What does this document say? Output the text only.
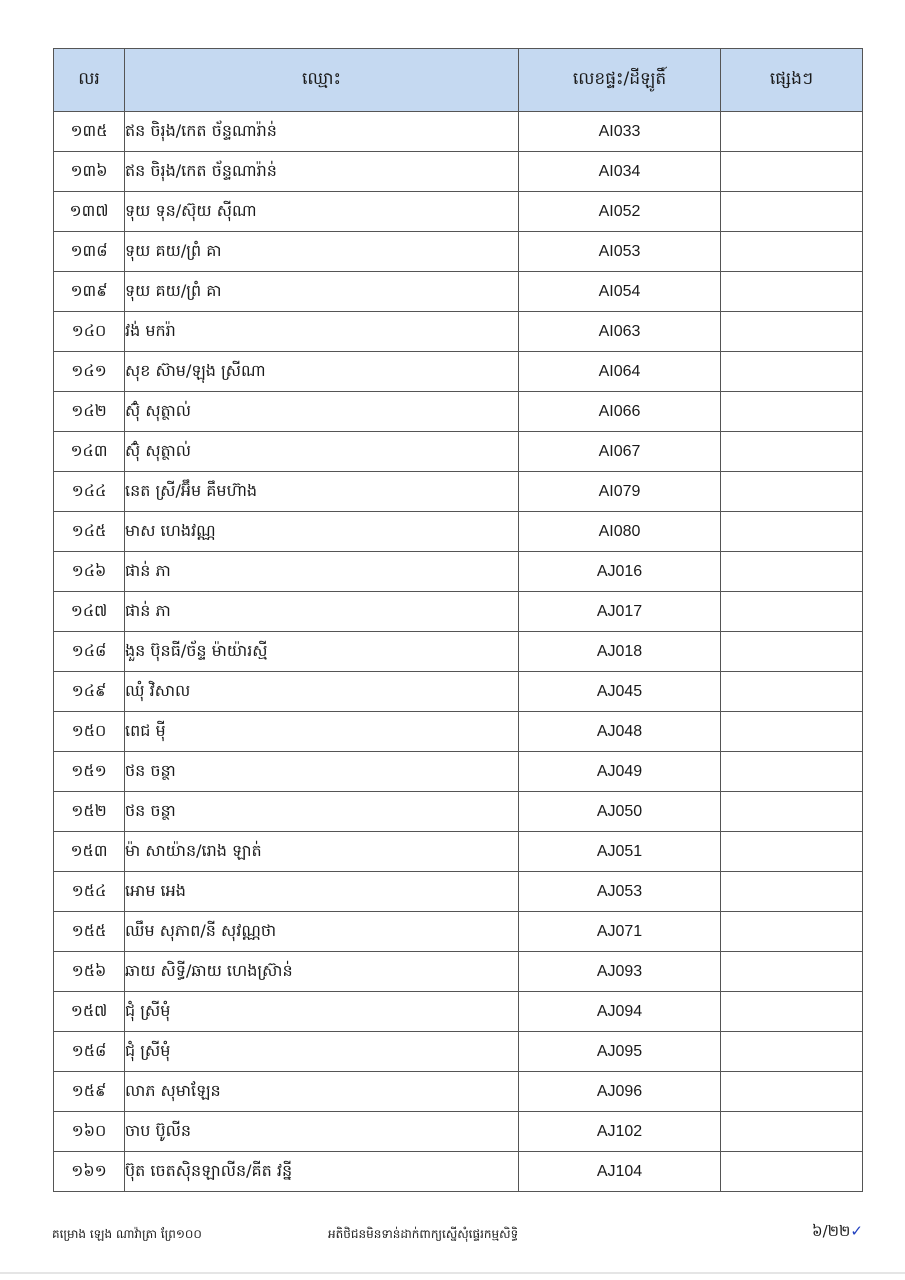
លរ	ឈ្មោះ	លេខផ្ទះ/ដីឡូតិ៍	ផ្សេងៗ
១៣៥	ឥន ចិរុង/កេត ច័ន្ទណារ៉ាន់	AI033	
១៣៦	ឥន ចិរុង/កេត ច័ន្ទណារ៉ាន់	AI034	
១៣៧	ទុយ ទុន/ស៊ុយ ស៊ីណា	AI052	
១៣៨	ទុយ គយ/ព្រំ គា	AI053	
១៣៩	ទុយ គយ/ព្រំ គា	AI054	
១៤០	វង់ មករ៉ា	AI063	
១៤១	សុខ ស៊ាម/ឡុង ស្រីណា	AI064	
១៤២	ស៊ុំ សុត្ថាល់	AI066	
១៤៣	ស៊ុំ សុត្ថាល់	AI067	
១៤៤	នេត ស្រី/អ៊ឹម គឹមហ៊ាង	AI079	
១៤៥	មាស ហេងវណ្ណ	AI080	
១៤៦	ផាន់ ភា	AJ016	
១៤៧	ផាន់ ភា	AJ017	
១៤៨	ងួន ប៊ុនធី/ច័ន្ទ ម៉ាយ៉ារស្មី	AJ018	
១៤៩	ឈុំ វិសាល	AJ045	
១៥០	ពេជ មុី	AJ048	
១៥១	ថន ចន្ថា	AJ049	
១៥២	ថន ចន្ថា	AJ050	
១៥៣	ម៉ា សាយ៉ាន/រោង ឡាត់	AJ051	
១៥៤	អោម អេង	AJ053	
១៥៥	ឈឹម សុភាព/នី សុវណ្ណថា	AJ071	
១៥៦	ឆាយ សិទ្ធី/ឆាយ ហេងស្រ៊ាន់	AJ093	
១៥៧	ជុំ ស្រីមុំ	AJ094	
១៥៨	ជុំ ស្រីមុំ	AJ095	
១៥៩	លាភ សុមាឡែន	AJ096	
១៦០	ចាប ប៊ូលីន	AJ102	
១៦១	ប៊ុត ចេតស៊ិនឡាលីន/គីត វន្នី	AJ104	
គម្រោង ឡេង ណាវ៉ាត្រា ព្រែ១០០	អតិថិជនមិនទាន់ដាក់ពាក្យស្នើសុំផ្ទេរកម្មសិទ្ធិ	៦/២២✓
